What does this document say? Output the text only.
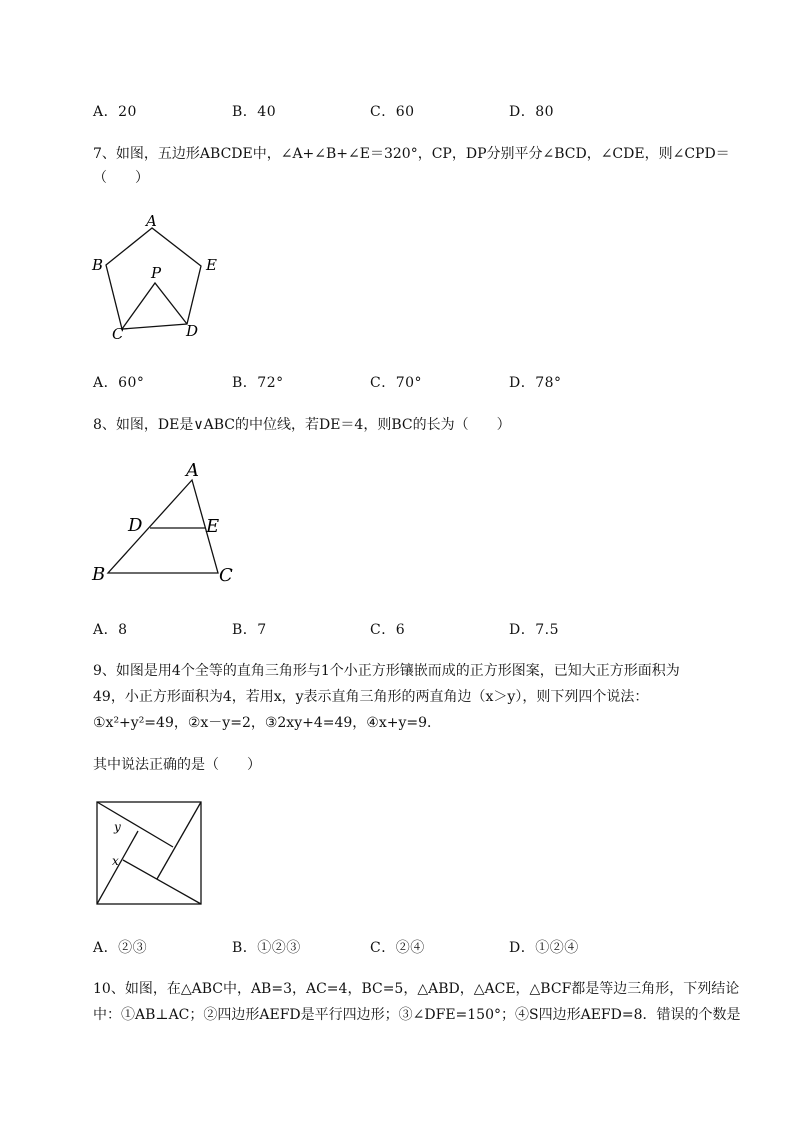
A．20	B．40	C．60	D．80
7、如图，五边形ABCDE中，∠A+∠B+∠E＝320°，CP，DP分别平分∠BCD，∠CDE，则∠CPD＝
（　　）
A
B	E
P
C	D
A．60°	B．72°	C．70°	D．78°
8、如图，DE是∨ABC的中位线，若DE＝4，则BC的长为（　　）
A
D	E
B	C
A．8	B．7	C．6	D．7.5
9、如图是用4个全等的直角三角形与1个小正方形镶嵌而成的正方形图案，已知大正方形面积为
49，小正方形面积为4，若用x，y表示直角三角形的两直角边（x＞y），则下列四个说法：
①x²+y²=49，②x－y=2，③2xy+4=49，④x+y=9．
其中说法正确的是（　　）
y
x
A．②③	B．①②③	C．②④	D．①②④
10、如图，在△ABC中，AB=3，AC=4，BC=5，△ABD，△ACE，△BCF都是等边三角形，下列结论
中：①AB⊥AC；②四边形AEFD是平行四边形；③∠DFE=150°；④S四边形AEFD=8．错误的个数是
